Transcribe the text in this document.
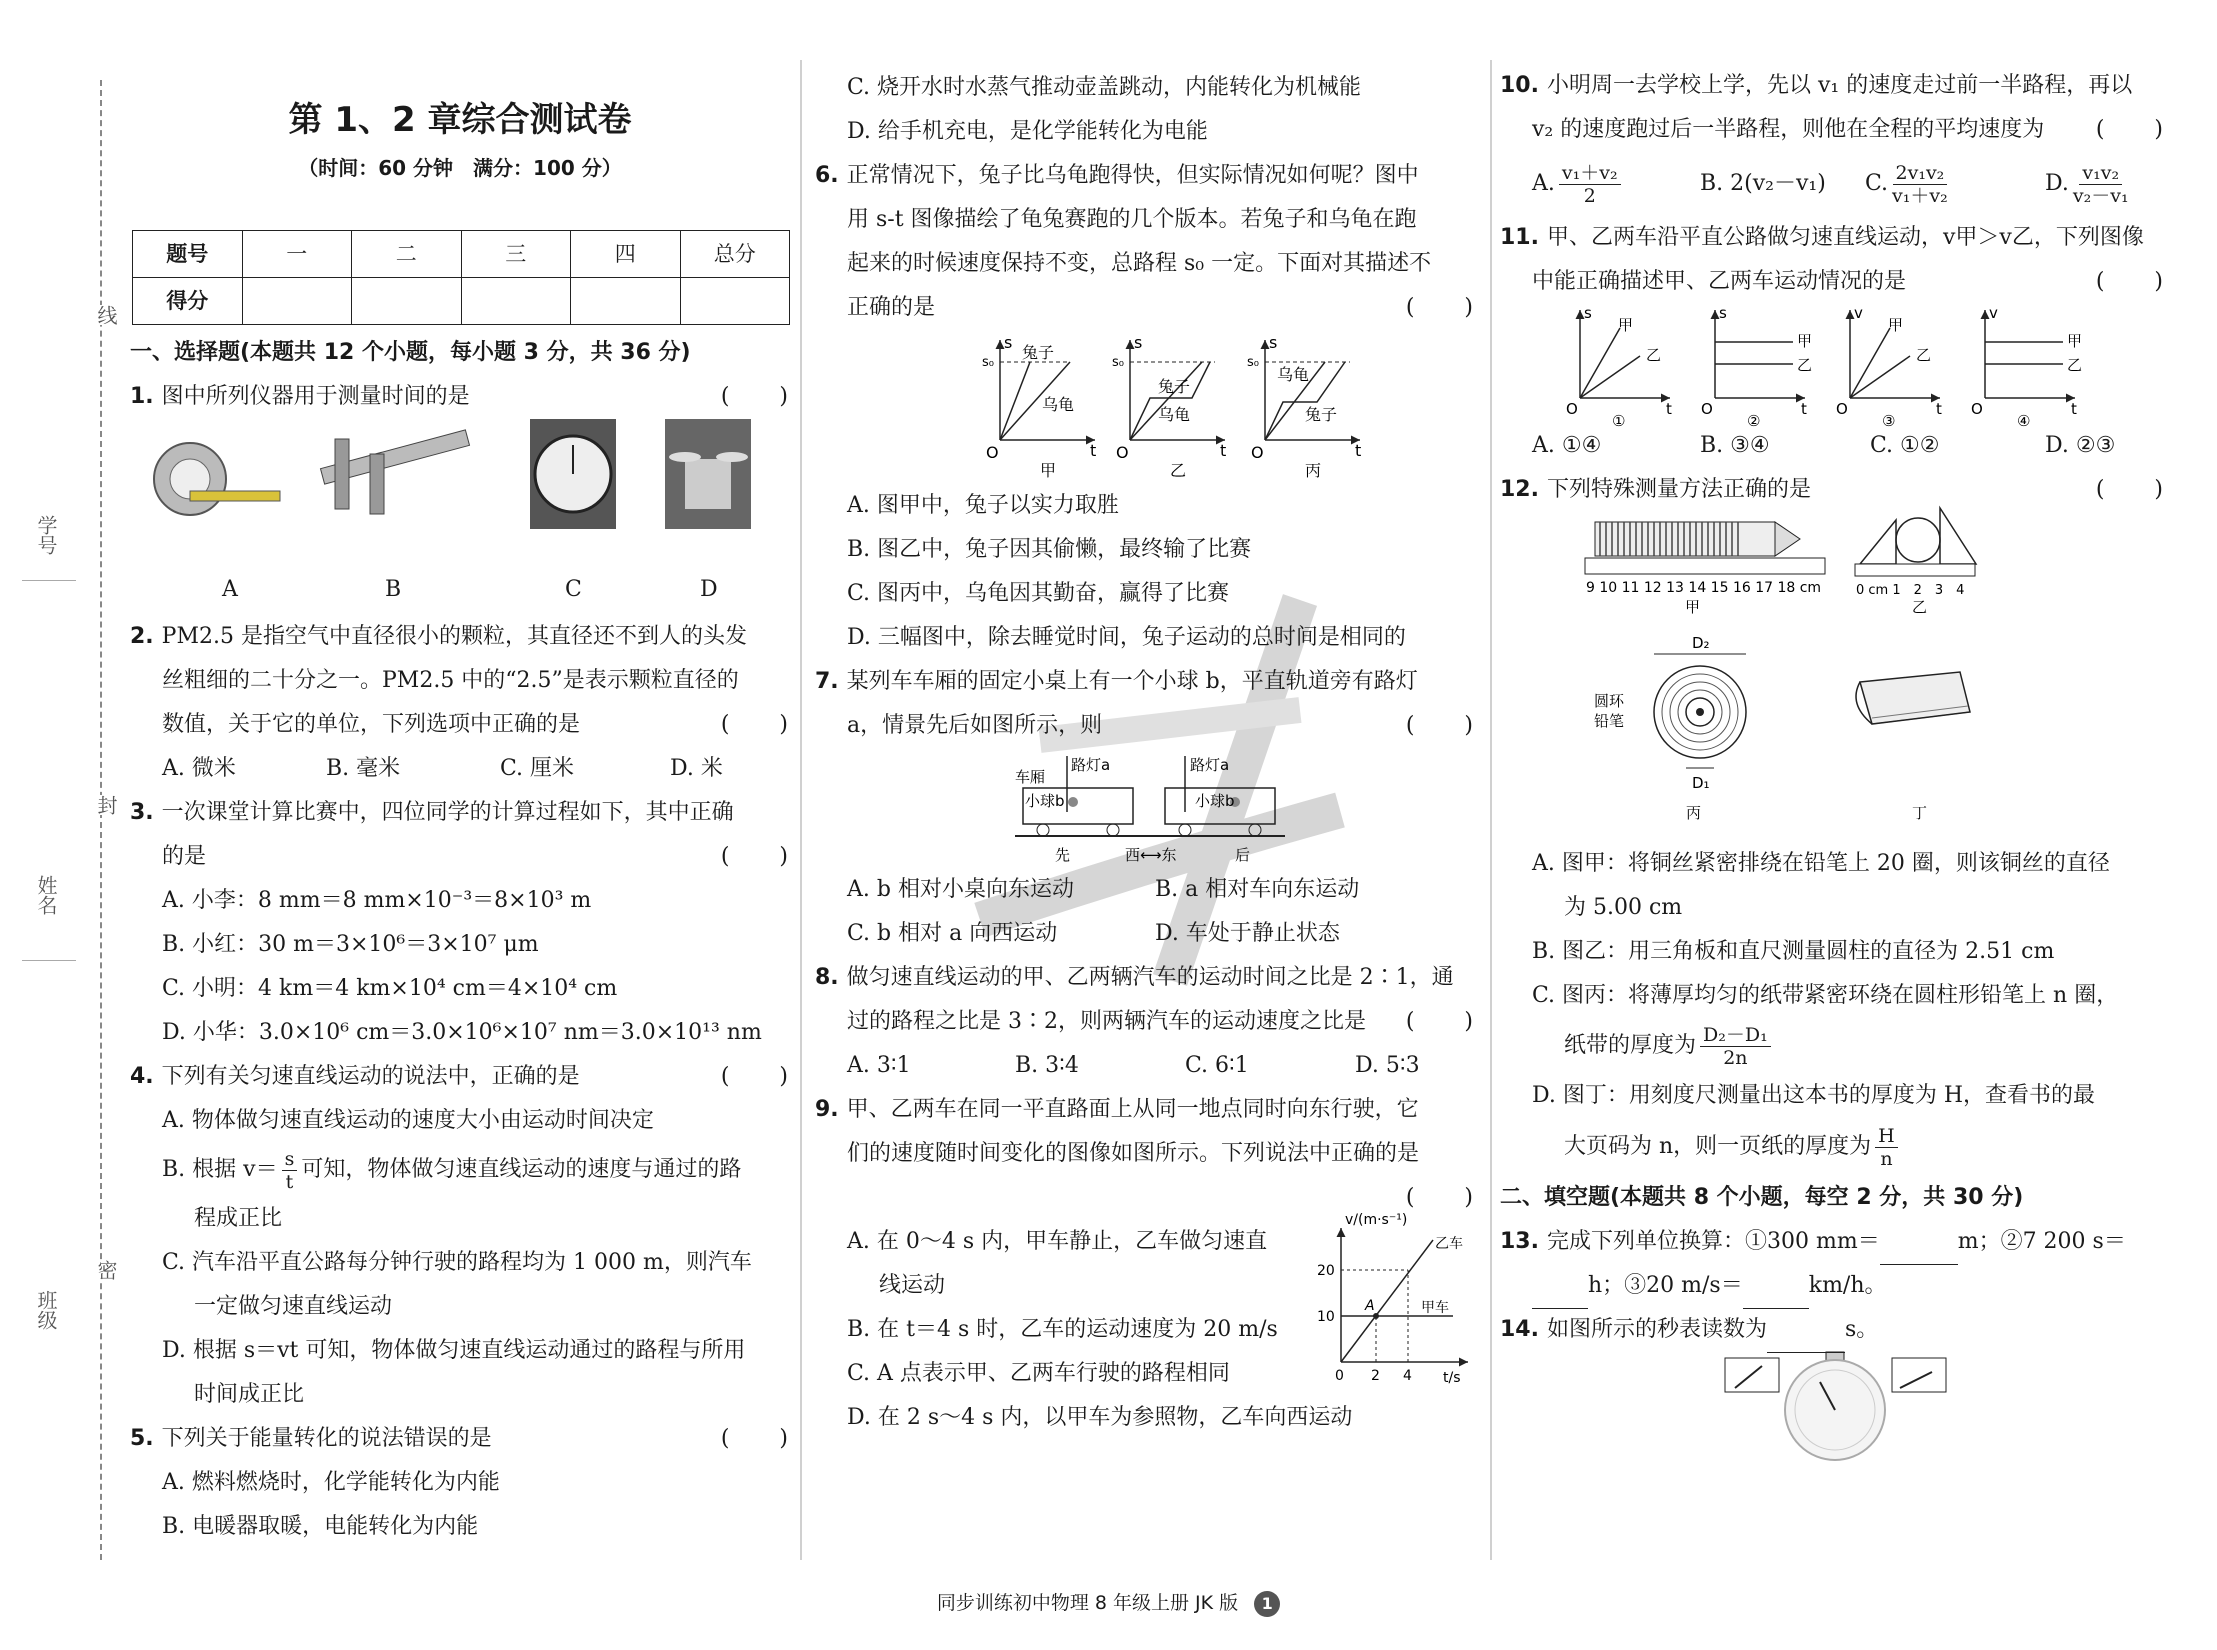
线
学号
封
姓名
密
班级
第 1、2 章综合测试卷
（时间：60 分钟　满分：100 分）
题号	一	二	三	四	总分
得分					
一、选择题(本题共 12 个小题，每小题 3 分，共 36 分)
1. 图中所列仪器用于测量时间的是	(　　)
A	B	C	D
2. PM2.5 是指空气中直径很小的颗粒，其直径还不到人的头发
丝粗细的二十分之一。PM2.5 中的“2.5”是表示颗粒直径的
数值，关于它的单位，下列选项中正确的是	(　　)
A. 微米	B. 毫米	C. 厘米	D. 米
3. 一次课堂计算比赛中，四位同学的计算过程如下，其中正确
的是	(　　)
A. 小李：8 mm＝8 mm×10⁻³＝8×10³ m
B. 小红：30 m＝3×10⁶＝3×10⁷ μm
C. 小明：4 km＝4 km×10⁴ cm＝4×10⁴ cm
D. 小华：3.0×10⁶ cm＝3.0×10⁶×10⁷ nm＝3.0×10¹³ nm
4. 下列有关匀速直线运动的说法中，正确的是	(　　)
A. 物体做匀速直线运动的速度大小由运动时间决定
B. 根据 $v= \frac{s}{t}$ 可知，物体做匀速直线运动的速度与通过的路
程成正比
C. 汽车沿平直公路每分钟行驶的路程均为 1 000 m，则汽车
一定做匀速直线运动
D. 根据 s＝vt 可知，物体做匀速直线运动通过的路程与所用
时间成正比
5. 下列关于能量转化的说法错误的是	(　　)
A. 燃料燃烧时，化学能转化为内能
B. 电暖器取暖，电能转化为内能
C. 烧开水时水蒸气推动壶盖跳动，内能转化为机械能
D. 给手机充电，是化学能转化为电能
6. 正常情况下，兔子比乌龟跑得快，但实际情况如何呢？图中
用 s-t 图像描绘了龟兔赛跑的几个版本。若兔子和乌龟在跑
起来的时候速度保持不变，总路程 s₀ 一定。下面对其描述不
正确的是	(　　)
兔子
乌龟
s
s₀
t
O
甲
兔子
乌龟
s
s₀
t
O
乙
乌龟
兔子
s
s₀
t
O
丙
A. 图甲中，兔子以实力取胜
B. 图乙中，兔子因其偷懒，最终输了比赛
C. 图丙中，乌龟因其勤奋，赢得了比赛
D. 三幅图中，除去睡觉时间，兔子运动的总时间是相同的
7. 某列车车厢的固定小桌上有一个小球 b，平直轨道旁有路灯
a，情景先后如图所示，则	(　　)
车厢
路灯a
小球b
先	西⟷东
路灯a
小球b
后
A. b 相对小桌向东运动	B. a 相对车向东运动
C. b 相对 a 向西运动	D. 车处于静止状态
8. 做匀速直线运动的甲、乙两辆汽车的运动时间之比是 2∶1，通
过的路程之比是 3∶2，则两辆汽车的运动速度之比是 (　　)
A. 3∶1	B. 3∶4	C. 6∶1	D. 5∶3
9. 甲、乙两车在同一平直路面上从同一地点同时向东行驶，它
们的速度随时间变化的图像如图所示。下列说法中正确的是
(　　)
A. 在 0～4 s 内，甲车静止，乙车做匀速直
线运动
B. 在 t＝4 s 时，乙车的运动速度为 20 m/s
C. A 点表示甲、乙两车行驶的路程相同
D. 在 2 s～4 s 内，以甲车为参照物，乙车向西运动
A
v/(m·s⁻¹)
t/s
20
10
0 2 4
乙车
甲车
10. 小明周一去学校上学，先以 v₁ 的速度走过前一半路程，再以
v₂ 的速度跑过后一半路程，则他在全程的平均速度为 (　　)
A. $\frac{\text{v₁＋v₂}}{2}$	B. 2(v₂－v₁) C. $\frac{\text{2v₁v₂}}{\text{v₁＋v₂}}$	D. $\frac{\text{v₁v₂}}{\text{v₂－v₁}}$
11. 甲、乙两车沿平直公路做匀速直线运动，v甲＞v乙，下列图像
中能正确描述甲、乙两车运动情况的是	(　　)
甲
乙
s
t
O
①
甲
乙
s
t
O
②
甲
乙
v
t
O
③
甲
乙
v
t
O
④
A. ①④	B. ③④	C. ①②	D. ②③
12. 下列特殊测量方法正确的是	(　　)
9 10 11 12 13 14 15 16 17 18 cm
甲
0 cm 1　2　3　4
乙
D₂
D₁
圆环
铅笔
丙	丁
A. 图甲：将铜丝紧密排绕在铅笔上 20 圈，则该铜丝的直径
为 5.00 cm
B. 图乙：用三角板和直尺测量圆柱的直径为 2.51 cm
C. 图丙：将薄厚均匀的纸带紧密环绕在圆柱形铅笔上 n 圈，
纸带的厚度为 $\frac{\text{D₂－D₁}}{2n}$
D. 图丁：用刻度尺测量出这本书的厚度为 H，查看书的最
大页码为 n，则一页纸的厚度为 $\frac{H}{n}$
二、填空题(本题共 8 个小题，每空 2 分，共 30 分)
13. 完成下列单位换算：①300 mm＝	m；②7 200 s＝
h；③20 m/s＝	km/h。
14. 如图所示的秒表读数为	s。
同步训练初中物理 8 年级上册 JK 版 1
